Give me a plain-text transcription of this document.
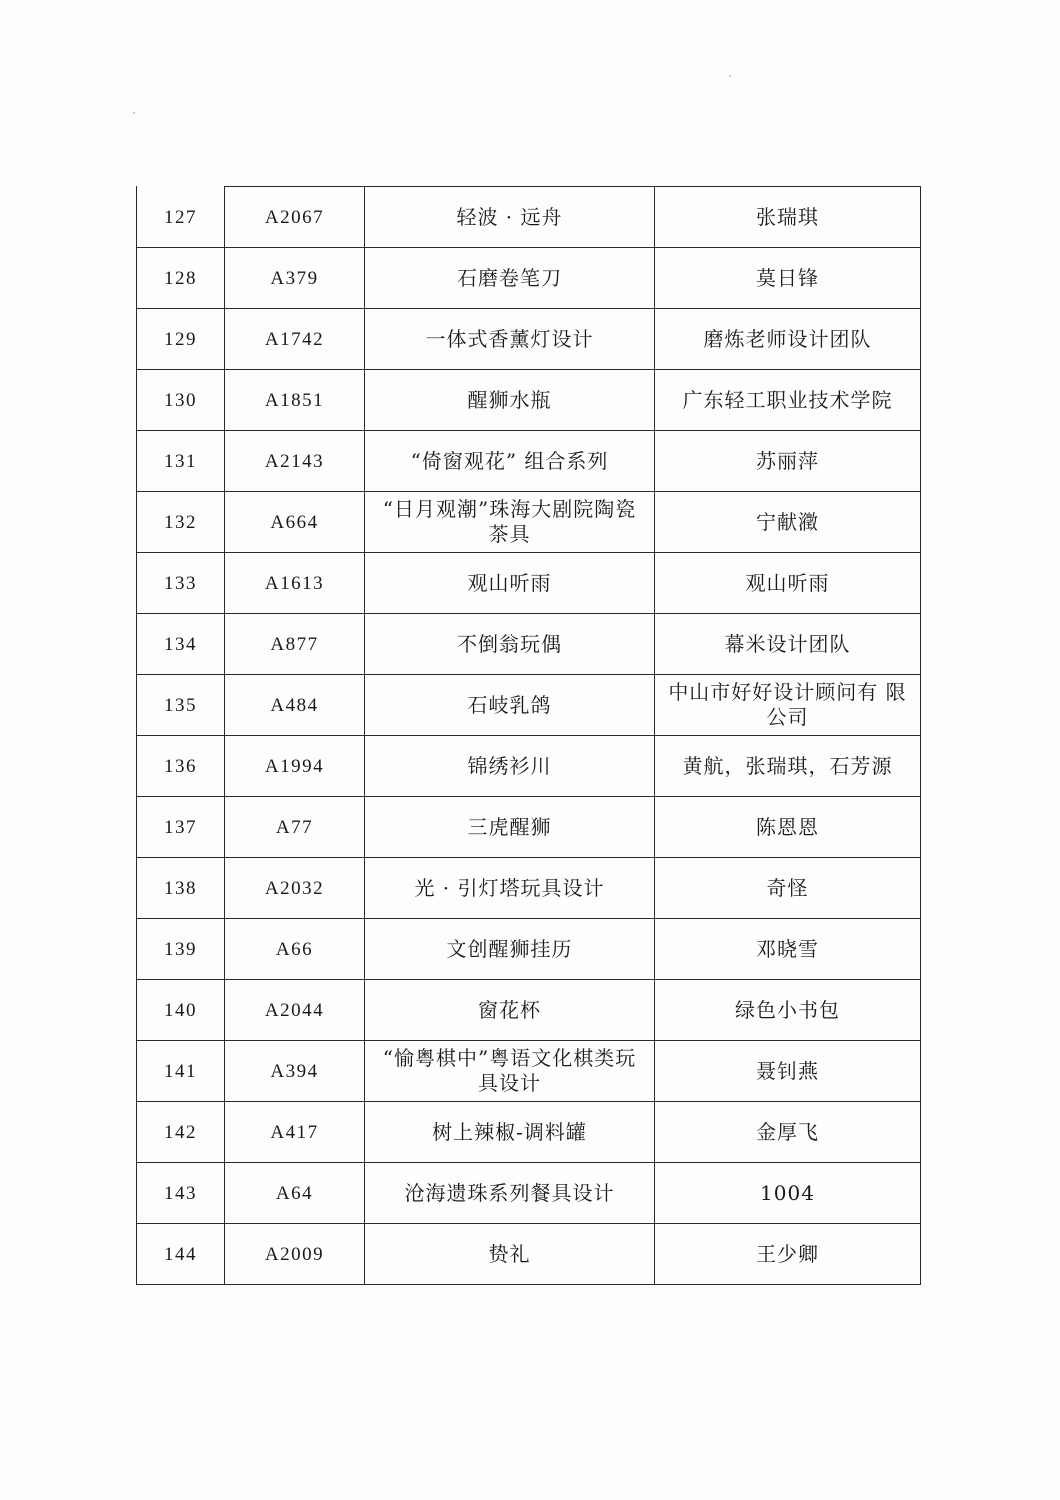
127	A2067	轻波 · 远舟	张瑞琪
128	A379	石磨卷笔刀	莫日锋
129	A1742	一体式香薰灯设计	磨炼老师设计团队
130	A1851	醒狮水瓶	广东轻工职业技术学院
131	A2143	“倚窗观花” 组合系列	苏丽萍
132	A664	“日月观潮”珠海大剧院陶瓷茶具	宁献瀓
133	A1613	观山听雨	观山听雨
134	A877	不倒翁玩偶	幕米设计团队
135	A484	石岐乳鸽	中山市好好设计顾问有 限公司
136	A1994	锦绣衫川	黄航，张瑞琪，石芳源
137	A77	三虎醒狮	陈恩恩
138	A2032	光 · 引灯塔玩具设计	奇怪
139	A66	文创醒狮挂历	邓晓雪
140	A2044	窗花杯	绿色小书包
141	A394	“愉粤棋中”粤语文化棋类玩具设计	聂钊燕
142	A417	树上辣椒-调料罐	金厚飞
143	A64	沧海遗珠系列餐具设计	1004
144	A2009	贽礼	王少卿
